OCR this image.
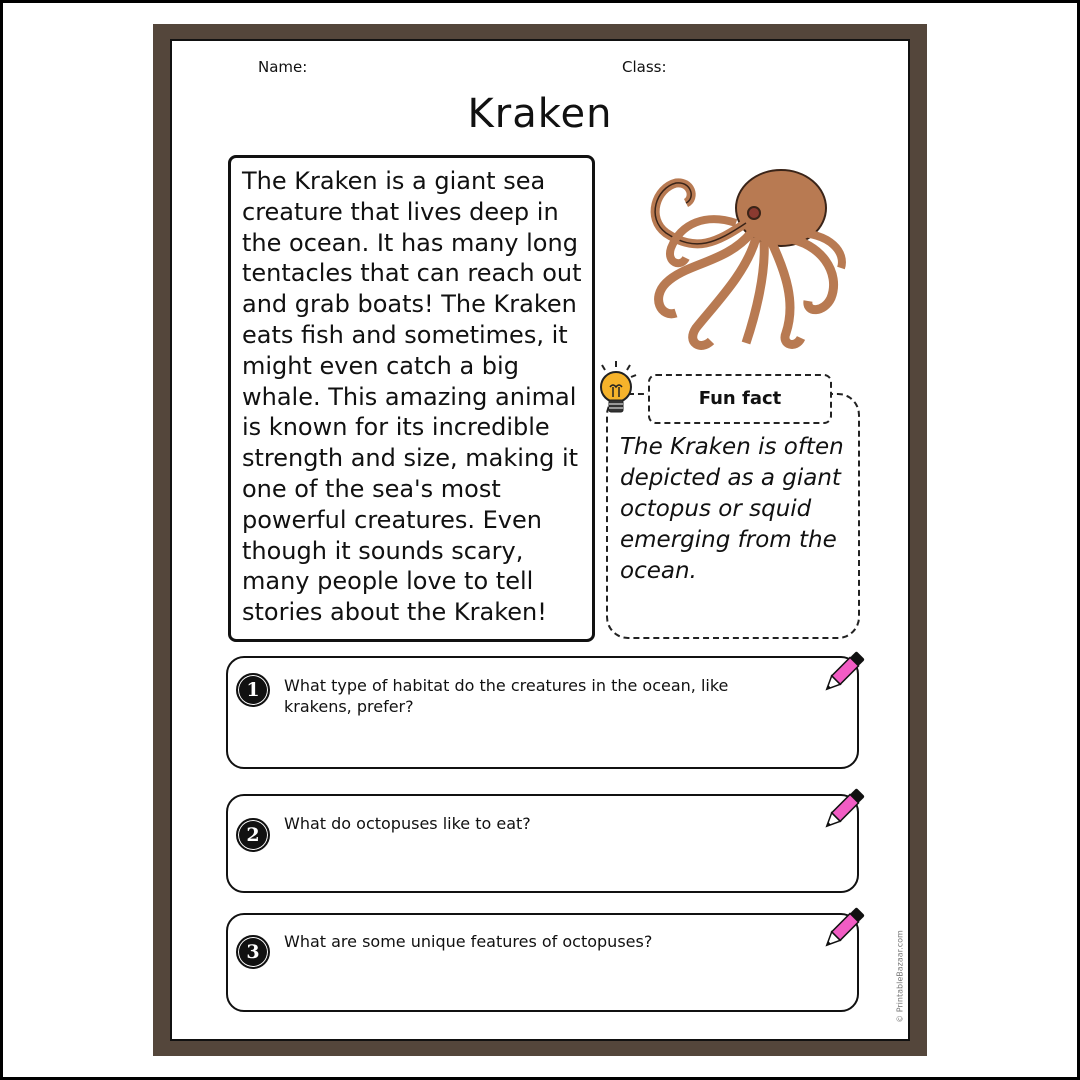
Name:	Class:
Kraken
The Kraken is a giant sea creature that lives deep in the ocean. It has many long tentacles that can reach out and grab boats! The Kraken eats fish and sometimes, it might even catch a big whale. This amazing animal is known for its incredible strength and size, making it one of the sea's most powerful creatures. Even though it sounds scary, many people love to tell stories about the Kraken!
Fun fact
The Kraken is often depicted as a giant octopus or squid emerging from the ocean.
1	What type of habitat do the creatures in the ocean, like krakens, prefer?
2
What do octopuses like to eat?
3	What are some unique features of octopuses?	© PrintableBazaar.com
